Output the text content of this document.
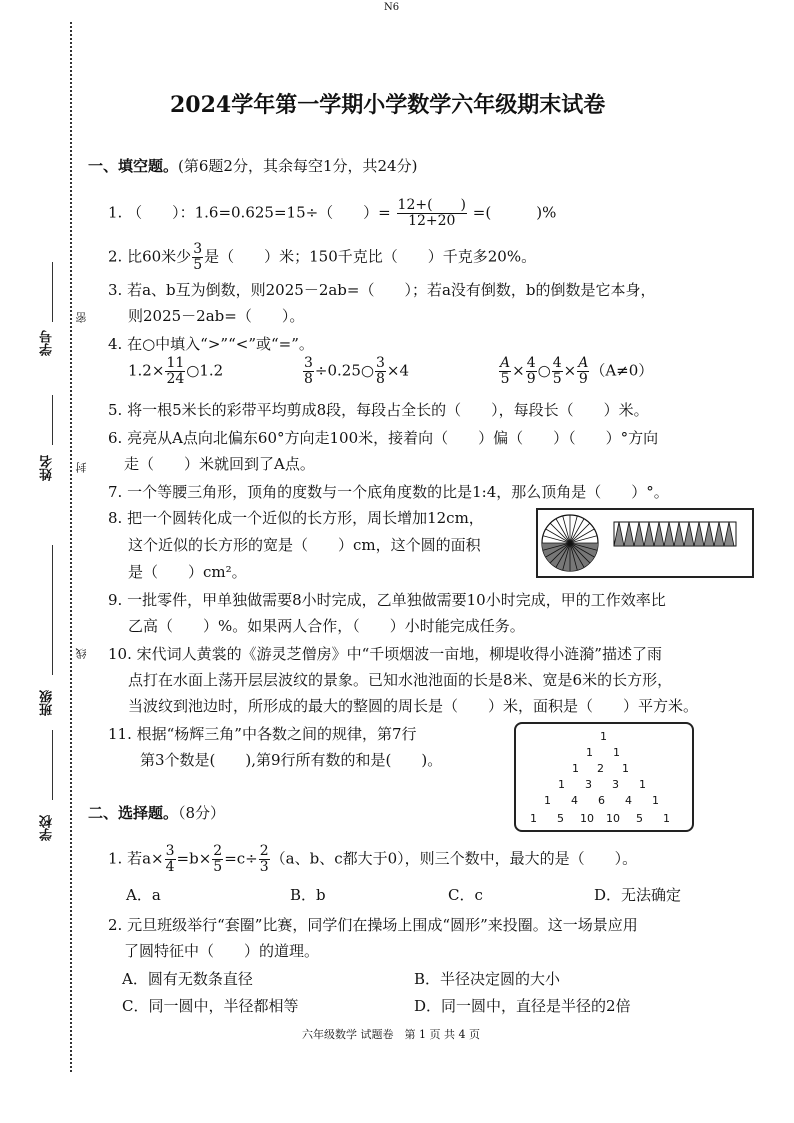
N6
学号
密
姓名 封
班级
线
学校
2024学年第一学期小学数学六年级期末试卷
一、填空题。(第6题2分，其余每空1分，共24分)
1. （　　）：1.6=0.625=15÷（　　）= $\frac{12+( )}{12+20}$ =(　　　)%
2. 比60米少 $\frac{3}{5}$ 是（　　）米；150千克比（　　）千克多20%。
3. 若a、b互为倒数，则2025－2ab=（　　）；若a没有倒数，b的倒数是它本身，
则2025－2ab=（　　）。
4. 在○中填入“>”“<”或“=”。
$1.2\times \frac{11}{24}$ ○1.2	$\frac{3}{8}$ ÷0.25○ $\frac{3}{8} \times 4$	$\frac{A}{5} \times \frac{4}{9}$ ○ $\frac{4}{5} \times \frac{A}{9} (A\ne 0)$
5. 将一根5米长的彩带平均剪成8段，每段占全长的（　　），每段长（　　）米。
6. 亮亮从A点向北偏东60°方向走100米，接着向（　　）偏（　　）（　　）°方向
走（　　）米就回到了A点。
7. 一个等腰三角形，顶角的度数与一个底角度数的比是1:4，那么顶角是（　　）°。
8. 把一个圆转化成一个近似的长方形，周长增加12cm，
这个近似的长方形的宽是（　　）cm，这个圆的面积
是（　　）cm²。
9. 一批零件，甲单独做需要8小时完成，乙单独做需要10小时完成，甲的工作效率比
乙高（　　）%。如果两人合作，（　　）小时能完成任务。
10. 宋代词人黄裳的《游灵芝僧房》中“千顷烟波一亩地，柳堤收得小涟漪”描述了雨
点打在水面上荡开层层波纹的景象。已知水池池面的长是8米、宽是6米的长方形，
当波纹到池边时，所形成的最大的整圆的周长是（　　）米，面积是（　　）平方米。
11. 根据“杨辉三角”中各数之间的规律，第7行
第3个数是(　　),第9行所有数的和是(　　)。
1
1 1
1 2 1
1 3 3 1
1 4 6 4 1
1 5 10 10 5 1
二、选择题。（8分）
1. 若$a\times \frac{3}{4} =b\times \frac{2}{5} =c\div \frac{2}{3} (a$、b、c都大于0），则三个数中，最大的是（　　）。
A．a	B．b	C．c	D．无法确定
2. 元旦班级举行“套圈”比赛，同学们在操场上围成“圆形”来投圈。这一场景应用
了圆特征中（　　）的道理。
A．圆有无数条直径	B．半径决定圆的大小
C．同一圆中，半径都相等	D．同一圆中，直径是半径的2倍
六年级数学 试题卷　第 1 页 共 4 页
